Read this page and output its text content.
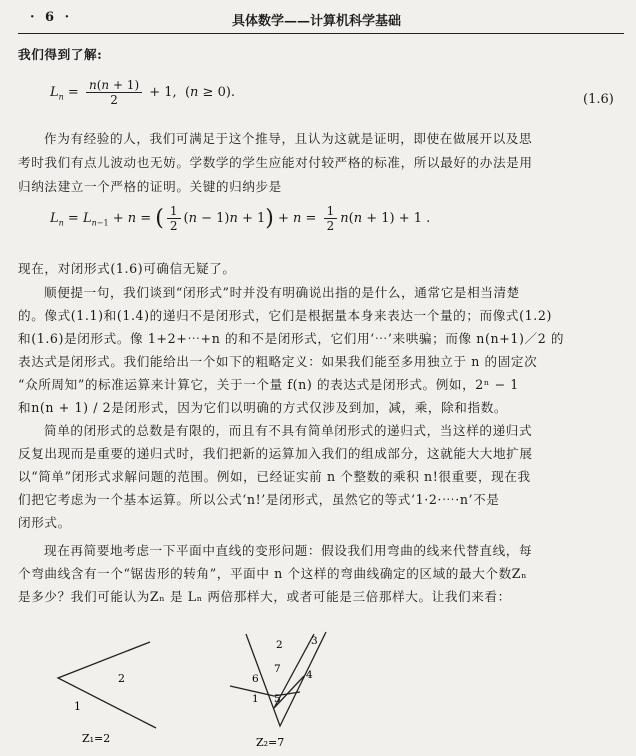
· 6 ·	具体数学——计算机科学基础
我们得到了解:
$L_n = \frac{n(n + 1)}{2} + 1$,  (n ≥ 0).	(1.6)
作为有经验的人，我们可满足于这个推导，且认为这就是证明，即使在做展开以及思
考时我们有点儿波动也无妨。学数学的学生应能对付较严格的标准，所以最好的办法是用
归纳法建立一个严格的证明。关键的归纳步是
$L_n = L_{n-1} + n$ = ( $\frac{1}{2} (n - 1)n + 1) + n = \frac{1}{2} n(n + 1) + 1$ .
现在，对闭形式(1.6)可确信无疑了。
顺便提一句，我们谈到“闭形式”时并没有明确说出指的是什么，通常它是相当清楚
的。像式(1.1)和(1.4)的递归不是闭形式，它们是根据量本身来表达一个量的；而像式(1.2)
和(1.6)是闭形式。像 1+2+⋯+n 的和不是闭形式，它们用‘⋯’来哄骗；而像 n(n+1)／2 的
表达式是闭形式。我们能给出一个如下的粗略定义：如果我们能至多用独立于 n 的固定次
“众所周知”的标准运算来计算它，关于一个量 f(n) 的表达式是闭形式。例如，2ⁿ − 1
和n(n + 1) / 2是闭形式，因为它们以明确的方式仅涉及到加，减，乘，除和指数。
简单的闭形式的总数是有限的，而且有不具有简单闭形式的递归式，当这样的递归式
反复出现而是重要的递归式时，我们把新的运算加入我们的组成部分，这就能大大地扩展
以“简单”闭形式求解问题的范围。例如，已经证实前 n 个整数的乘积 n!很重要，现在我
们把它考虑为一个基本运算。所以公式‘n!’是闭形式，虽然它的等式‘1·2·⋯·n’不是
闭形式。
现在再简要地考虑一下平面中直线的变形问题：假设我们用弯曲的线来代替直线，每
个弯曲线含有一个“锯齿形的转角”，平面中 n 个这样的弯曲线确定的区域的最大个数Zₙ
是多少？我们可能认为Zₙ 是 Lₙ 两倍那样大，或者可能是三倍那样大。让我们来看：
2
1
Z₁=2
2	3
4
6
7
5
1
Z₂=7
